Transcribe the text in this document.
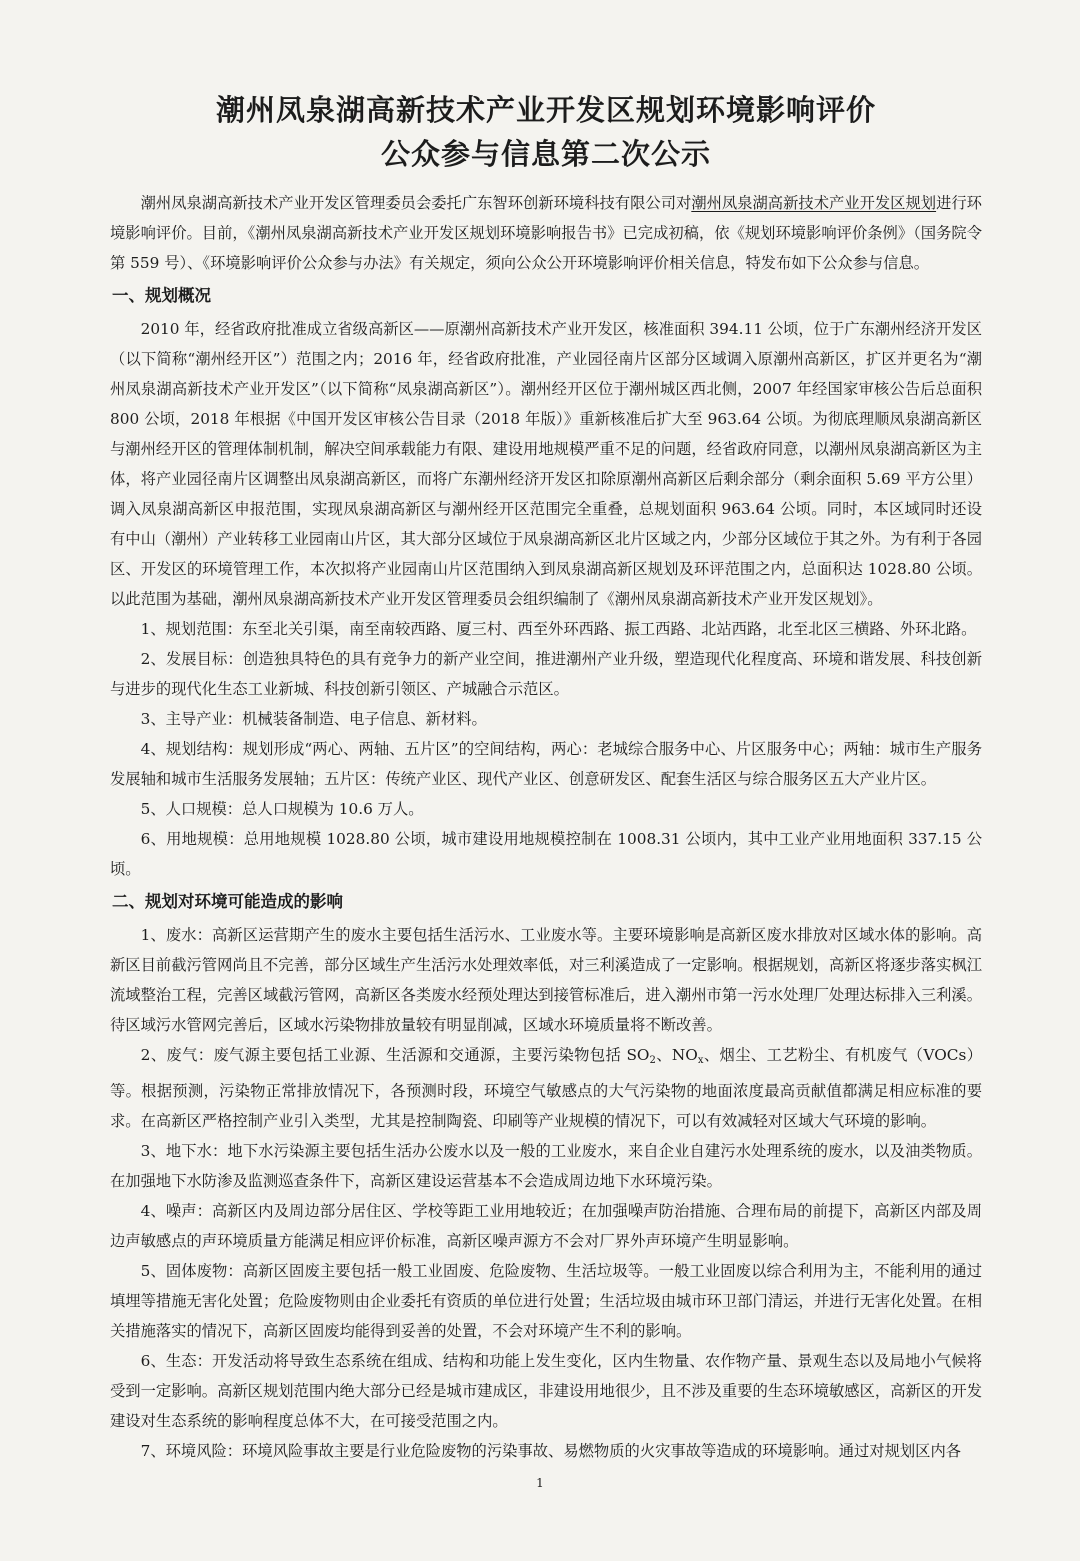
潮州凤泉湖高新技术产业开发区规划环境影响评价
公众参与信息第二次公示

潮州凤泉湖高新技术产业开发区管理委员会委托广东智环创新环境科技有限公司对潮州凤泉湖高新技术产业开发区规划进行环境影响评价。目前，《潮州凤泉湖高新技术产业开发区规划环境影响报告书》已完成初稿，依《规划环境影响评价条例》（国务院令第 559 号）、《环境影响评价公众参与办法》有关规定，须向公众公开环境影响评价相关信息，特发布如下公众参与信息。

一、规划概况

2010 年，经省政府批准成立省级高新区——原潮州高新技术产业开发区，核准面积 394.11 公顷，位于广东潮州经济开发区（以下简称“潮州经开区”）范围之内；2016 年，经省政府批准，产业园径南片区部分区域调入原潮州高新区，扩区并更名为“潮州凤泉湖高新技术产业开发区”（以下简称“凤泉湖高新区”）。潮州经开区位于潮州城区西北侧，2007 年经国家审核公告后总面积 800 公顷，2018 年根据《中国开发区审核公告目录（2018 年版）》重新核准后扩大至 963.64 公顷。为彻底理顺凤泉湖高新区与潮州经开区的管理体制机制，解决空间承载能力有限、建设用地规模严重不足的问题，经省政府同意，以潮州凤泉湖高新区为主体，将产业园径南片区调整出凤泉湖高新区，而将广东潮州经济开发区扣除原潮州高新区后剩余部分（剩余面积 5.69 平方公里）调入凤泉湖高新区申报范围，实现凤泉湖高新区与潮州经开区范围完全重叠，总规划面积 963.64 公顷。同时，本区域同时还设有中山（潮州）产业转移工业园南山片区，其大部分区域位于凤泉湖高新区北片区域之内，少部分区域位于其之外。为有利于各园区、开发区的环境管理工作，本次拟将产业园南山片区范围纳入到凤泉湖高新区规划及环评范围之内，总面积达 1028.80 公顷。以此范围为基础，潮州凤泉湖高新技术产业开发区管理委员会组织编制了《潮州凤泉湖高新技术产业开发区规划》。

1、规划范围：东至北关引渠，南至南较西路、厦三村、西至外环西路、振工西路、北站西路，北至北区三横路、外环北路。

2、发展目标：创造独具特色的具有竞争力的新产业空间，推进潮州产业升级，塑造现代化程度高、环境和谐发展、科技创新与进步的现代化生态工业新城、科技创新引领区、产城融合示范区。

3、主导产业：机械装备制造、电子信息、新材料。

4、规划结构：规划形成“两心、两轴、五片区”的空间结构，两心：老城综合服务中心、片区服务中心；两轴：城市生产服务发展轴和城市生活服务发展轴；五片区：传统产业区、现代产业区、创意研发区、配套生活区与综合服务区五大产业片区。

5、人口规模：总人口规模为 10.6 万人。

6、用地规模：总用地规模 1028.80 公顷，城市建设用地规模控制在 1008.31 公顷内，其中工业产业用地面积 337.15 公顷。

二、规划对环境可能造成的影响

1、废水：高新区运营期产生的废水主要包括生活污水、工业废水等。主要环境影响是高新区废水排放对区域水体的影响。高新区目前截污管网尚且不完善，部分区域生产生活污水处理效率低，对三利溪造成了一定影响。根据规划，高新区将逐步落实枫江流域整治工程，完善区域截污管网，高新区各类废水经预处理达到接管标准后，进入潮州市第一污水处理厂处理达标排入三利溪。待区域污水管网完善后，区域水污染物排放量较有明显削减，区域水环境质量将不断改善。

2、废气：废气源主要包括工业源、生活源和交通源，主要污染物包括 $SO_2$、$NO_x$、烟尘、工艺粉尘、有机废气（VOCs）等。根据预测，污染物正常排放情况下，各预测时段，环境空气敏感点的大气污染物的地面浓度最高贡献值都满足相应标准的要求。在高新区严格控制产业引入类型，尤其是控制陶瓷、印刷等产业规模的情况下，可以有效减轻对区域大气环境的影响。

3、地下水：地下水污染源主要包括生活办公废水以及一般的工业废水，来自企业自建污水处理系统的废水，以及油类物质。在加强地下水防渗及监测巡查条件下，高新区建设运营基本不会造成周边地下水环境污染。

4、噪声：高新区内及周边部分居住区、学校等距工业用地较近；在加强噪声防治措施、合理布局的前提下，高新区内部及周边声敏感点的声环境质量方能满足相应评价标准，高新区噪声源方不会对厂界外声环境产生明显影响。

5、固体废物：高新区固废主要包括一般工业固废、危险废物、生活垃圾等。一般工业固废以综合利用为主，不能利用的通过填埋等措施无害化处置；危险废物则由企业委托有资质的单位进行处置；生活垃圾由城市环卫部门清运，并进行无害化处置。在相关措施落实的情况下，高新区固废均能得到妥善的处置，不会对环境产生不利的影响。

6、生态：开发活动将导致生态系统在组成、结构和功能上发生变化，区内生物量、农作物产量、景观生态以及局地小气候将受到一定影响。高新区规划范围内绝大部分已经是城市建成区，非建设用地很少，且不涉及重要的生态环境敏感区，高新区的开发建设对生态系统的影响程度总体不大，在可接受范围之内。

7、环境风险：环境风险事故主要是行业危险废物的污染事故、易燃物质的火灾事故等造成的环境影响。通过对规划区内各

1
